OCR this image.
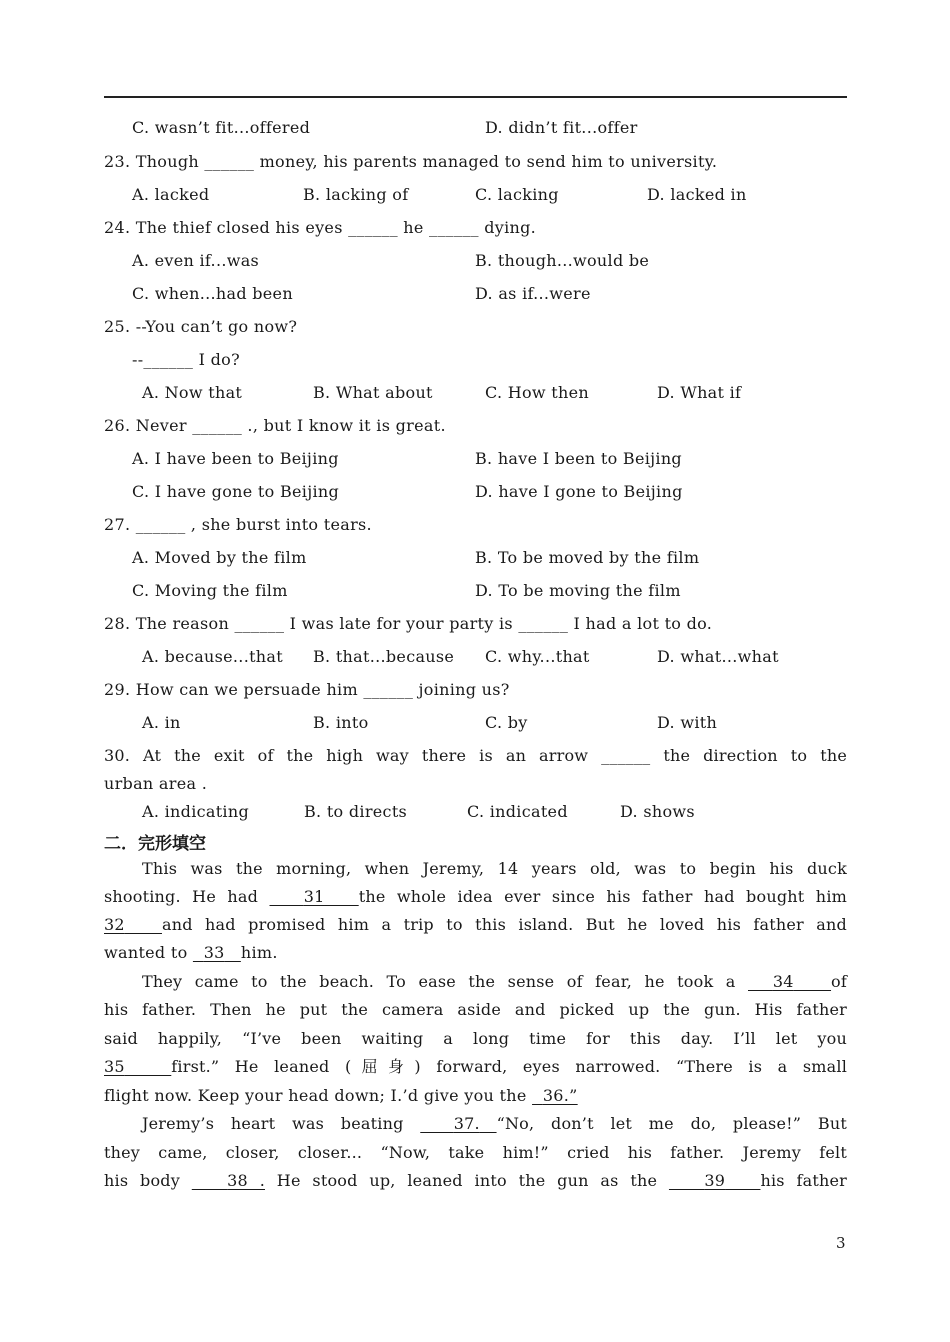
C. wasn’t fit...offered

	D. didn’t fit...offer

23. Though ______ money, his parents managed to send him to university.

A. lacked

	B. lacking of

	C. lacking

	D. lacked in

24. The thief closed his eyes ______ he ______ dying.

A. even if...was

	B. though...would be

C. when...had been

	D. as if...were

25. --You can’t go now?

--______ I do?

A. Now that

	B. What about

	C. How then

	D. What if

26. Never ______ ., but I know it is great.

A. I have been to Beijing

	B. have I been to Beijing

C. I have gone to Beijing

	D. have I gone to Beijing

27. ______ , she burst into tears.

A. Moved by the film

	B. To be moved by the film

C. Moving the film

	D. To be moving the film

28. The reason ______ I was late for your party is ______ I had a lot to do.

A. because...that

B. that...because

C. why...that

	D. what...what

29. How can we persuade him ______ joining us?

A. in

	B. into

	C. by

	D. with

30. At the exit of the high way there is an arrow ______ the direction to the

urban area .

A. indicating

	B. to directs

	C. indicated

	D. shows

二．完形填空
This was the morning, when Jeremy, 14 years old, was to begin his duck
shooting. He had	31 the whole idea ever since his father had bought him
32 and had promised him a trip to this island. But he loved his father and

wanted to 33 him.

They came to the beach. To ease the sense of fear, he took a 34 of
his father. Then he put the camera aside and picked up the gun. His father
said happily, “I’ve been waiting a long time for this day. I’ll let you
35	first.” He leaned (屈身) forward, eyes narrowed. “There is a small

flight now. Keep your head down; I.’d give you the 36.”

Jeremy’s heart was beating	37. “No, don’t let me do, please!” But
they came, closer, closer... “Now, take him!” cried his father. Jeremy felt
his body	38 . He stood up, leaned into the gun as the	39 his father
3
